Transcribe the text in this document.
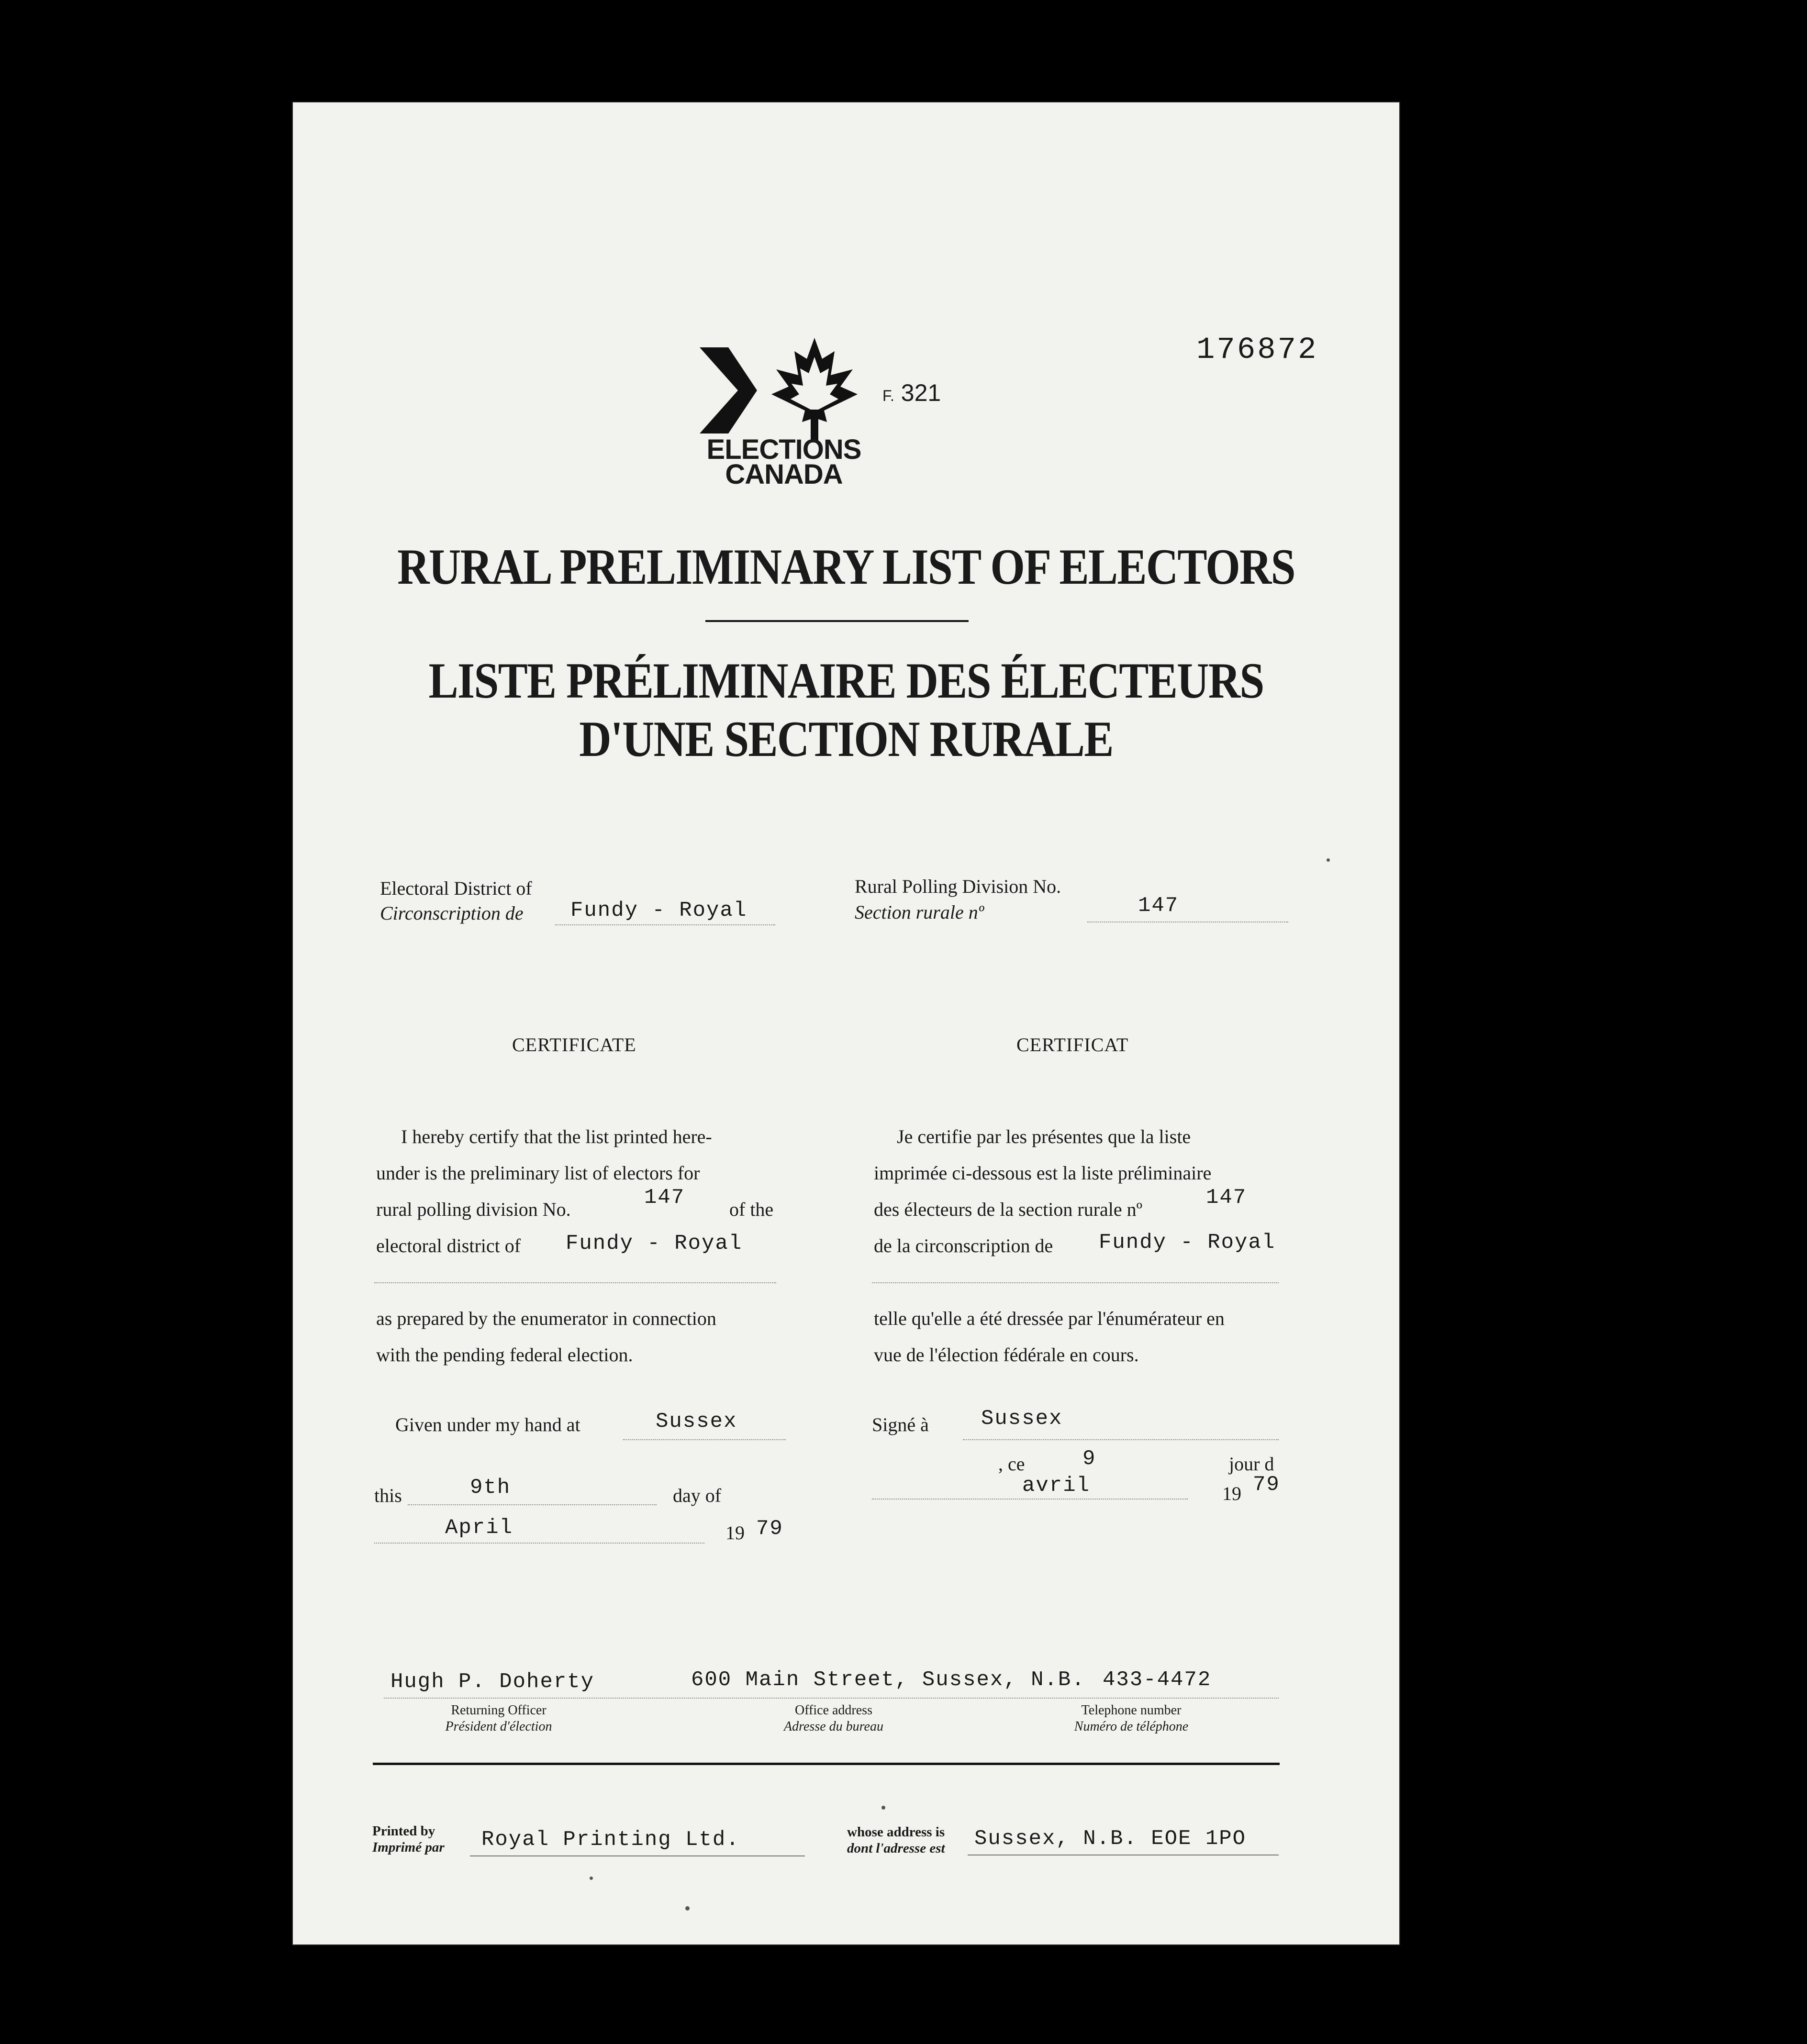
176872
ELECTIONS
CANADA
F. 321
RURAL PRELIMINARY LIST OF ELECTORS
LISTE PRÉLIMINAIRE DES ÉLECTEURS
D'UNE SECTION RURALE
Electoral District of
Circonscription de Fundy - Royal
Rural Polling Division No.
Section rurale nº	147
CERTIFICATE	CERTIFICAT
I hereby certify that the list printed here-
under is the preliminary list of electors for
rural polling division No.	147 of the
electoral district of Fundy - Royal
as prepared by the enumerator in connection
with the pending federal election.
Given under my hand at	Sussex
this	9th	day of
April	19 79
Je certifie par les présentes que la liste
imprimée ci-dessous est la liste préliminaire
des électeurs de la section rurale nº	147
de la circonscription de Fundy - Royal
telle qu'elle a été dressée par l'énumérateur en
vue de l'élection fédérale en cours.
Signé à Sussex
, ce	9	jour d
avril	19 79
Hugh P. Doherty
Returning Officer
Président d'élection
600 Main Street, Sussex, N.B.
Office address
Adresse du bureau
433-4472
Telephone number
Numéro de téléphone
Printed by
Imprimé par Royal Printing Ltd.	whose address is
dont l'adresse est Sussex, N.B. EOE 1PO
